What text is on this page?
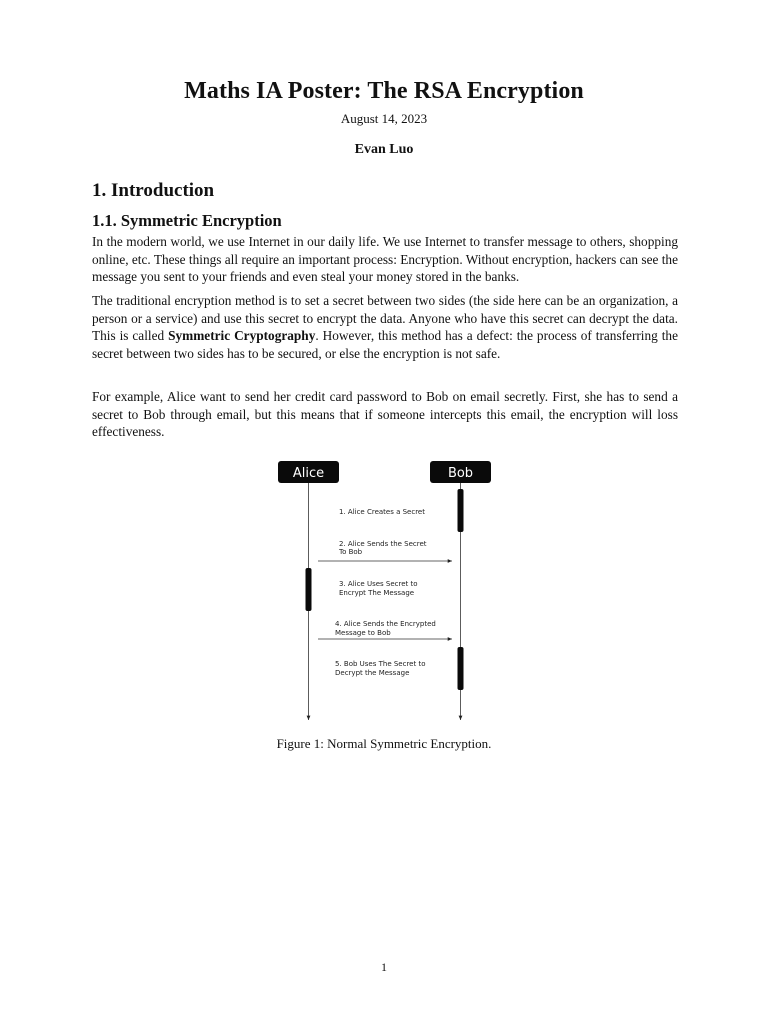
Maths IA Poster: The RSA Encryption
August 14, 2023
Evan Luo
1. Introduction
1.1. Symmetric Encryption

In the modern world, we use Internet in our daily life. We use Internet to transfer message to others, shopping online, etc. These things all require an important process: Encryption. Without encryption, hackers can see the message you sent to your friends and even steal your money stored in the banks.

The traditional encryption method is to set a secret between two sides (the side here can be an organization, a person or a service) and use this secret to encrypt the data. Anyone who have this secret can decrypt the data. This is called Symmetric Cryptography. However, this method has a defect: the process of transferring the secret between two sides has to be secured, or else the encryption is not safe.

For example, Alice want to send her credit card password to Bob on email secretly. First, she has to send a secret to Bob through email, but this means that if someone intercepts this email, the encryption will loss effectiveness.

Alice	Bob
1. Alice Creates a Secret
2. Alice Sends the Secret
To Bob
3. Alice Uses Secret to
Encrypt The Message
4. Alice Sends the Encrypted
Message to Bob
5. Bob Uses The Secret to
Decrypt the Message
Figure 1: Normal Symmetric Encryption.
1
